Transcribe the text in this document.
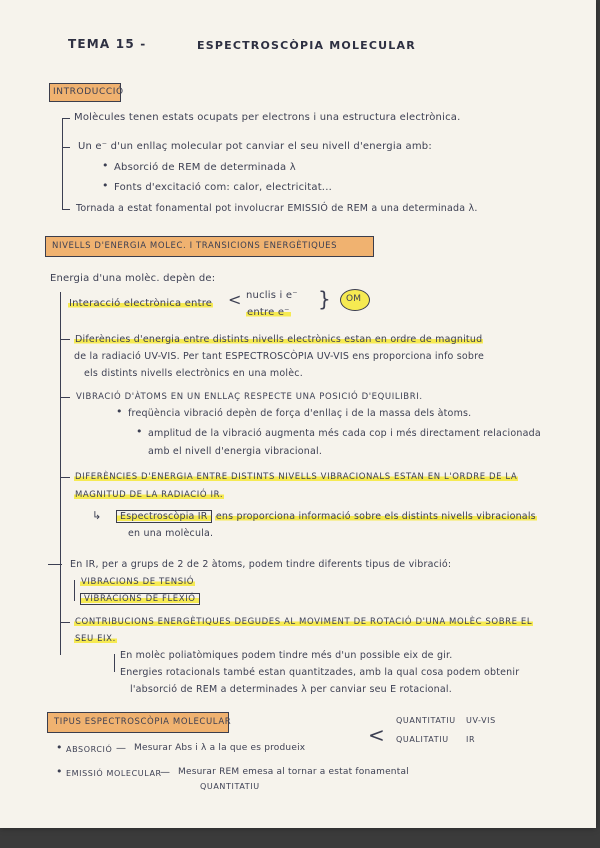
TEMA 15 -	ESPECTROSCÒPIA MOLECULAR
INTRODUCCIÓ
Molècules tenen estats ocupats per electrons i una estructura electrònica.
Un e⁻ d'un enllaç molecular pot canviar el seu nivell d'energia amb:
• Absorció de REM de determinada λ
• Fonts d'excitació com: calor, electricitat...
Tornada a estat fonamental pot involucrar EMISSIÓ de REM a una determinada λ.
NIVELLS D'ENERGIA MOLEC. I TRANSICIONS ENERGÈTIQUES
Energia d'una molèc. depèn de:
Interacció electrònica entre < nuclis i e⁻
entre e⁻
} OM
Diferències d'energia entre distints nivells electrònics estan en ordre de magnitud
de la radiació UV-VIS. Per tant ESPECTROSCÒPIA UV-VIS ens proporciona info sobre
els distints nivells electrònics en una molèc.
VIBRACIÓ D'ÀTOMS EN UN ENLLAÇ RESPECTE UNA POSICIÓ D'EQUILIBRI.
• freqüència vibració depèn de força d'enllaç i de la massa dels àtoms.
• amplitud de la vibració augmenta més cada cop i més directament relacionada
amb el nivell d'energia vibracional.
DIFERÈNCIES D'ENERGIA ENTRE DISTINTS NIVELLS VIBRACIONALS ESTAN EN L'ORDRE DE LA
MAGNITUD DE LA RADIACIÓ IR.
↳	Espectroscòpia IR ens proporciona informació sobre els distints nivells vibracionals
en una molècula.
En IR, per a grups de 2 de 2 àtoms, podem tindre diferents tipus de vibració:
VIBRACIONS DE TENSIÓ
VIBRACIONS DE FLEXIÓ
CONTRIBUCIONS ENERGÈTIQUES DEGUDES AL MOVIMENT DE ROTACIÓ D'UNA MOLÈC SOBRE EL
SEU EIX.
En molèc poliatòmiques podem tindre més d'un possible eix de gir.
Energies rotacionals també estan quantitzades, amb la qual cosa podem obtenir
l'absorció de REM a determinades λ per canviar seu E rotacional.
TIPUS ESPECTROSCÒPIA MOLECULAR	QUANTITATIU UV-VIS
< QUALITATIU IR
• ABSORCIÓ — Mesurar Abs i λ a la que es produeix
• EMISSIÓ MOLECULAR
— Mesurar REM emesa al tornar a estat fonamental
QUANTITATIU
